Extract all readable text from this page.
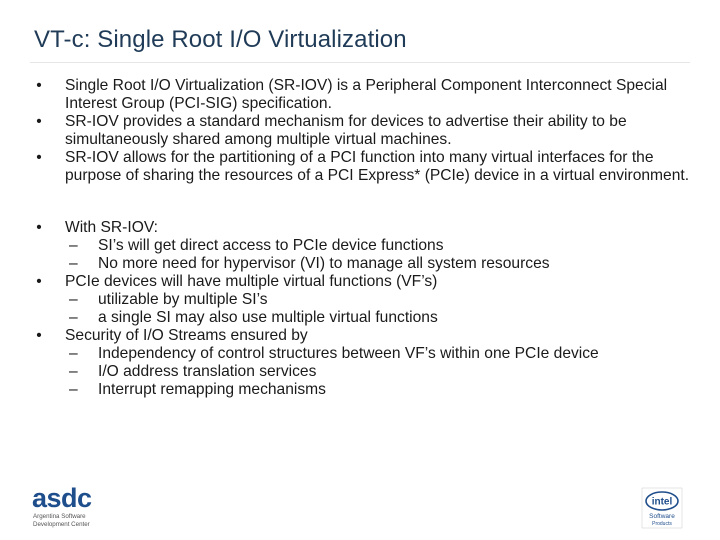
VT-c: Single Root I/O Virtualization
• Single Root I/O Virtualization (SR-IOV) is a Peripheral Component Interconnect Special Interest Group (PCI-SIG) specification.
• SR-IOV provides a standard mechanism for devices to advertise their ability to be simultaneously shared among multiple virtual machines.
• SR-IOV allows for the partitioning of a PCI function into many virtual interfaces for the purpose of sharing the resources of a PCI Express* (PCIe) device in a virtual environment.
• With SR-IOV:
– SI’s will get direct access to PCIe device functions
– No more need for hypervisor (VI) to manage all system resources
• PCIe devices will have multiple virtual functions (VF’s)
– utilizable by multiple SI’s
– a single SI may also use multiple virtual functions
• Security of I/O Streams ensured by
– Independency of control structures between VF’s within one PCIe device
– I/O address translation services
– Interrupt remapping mechanisms
asdc
Argentina Software
Development Center
intel
Software
Products
